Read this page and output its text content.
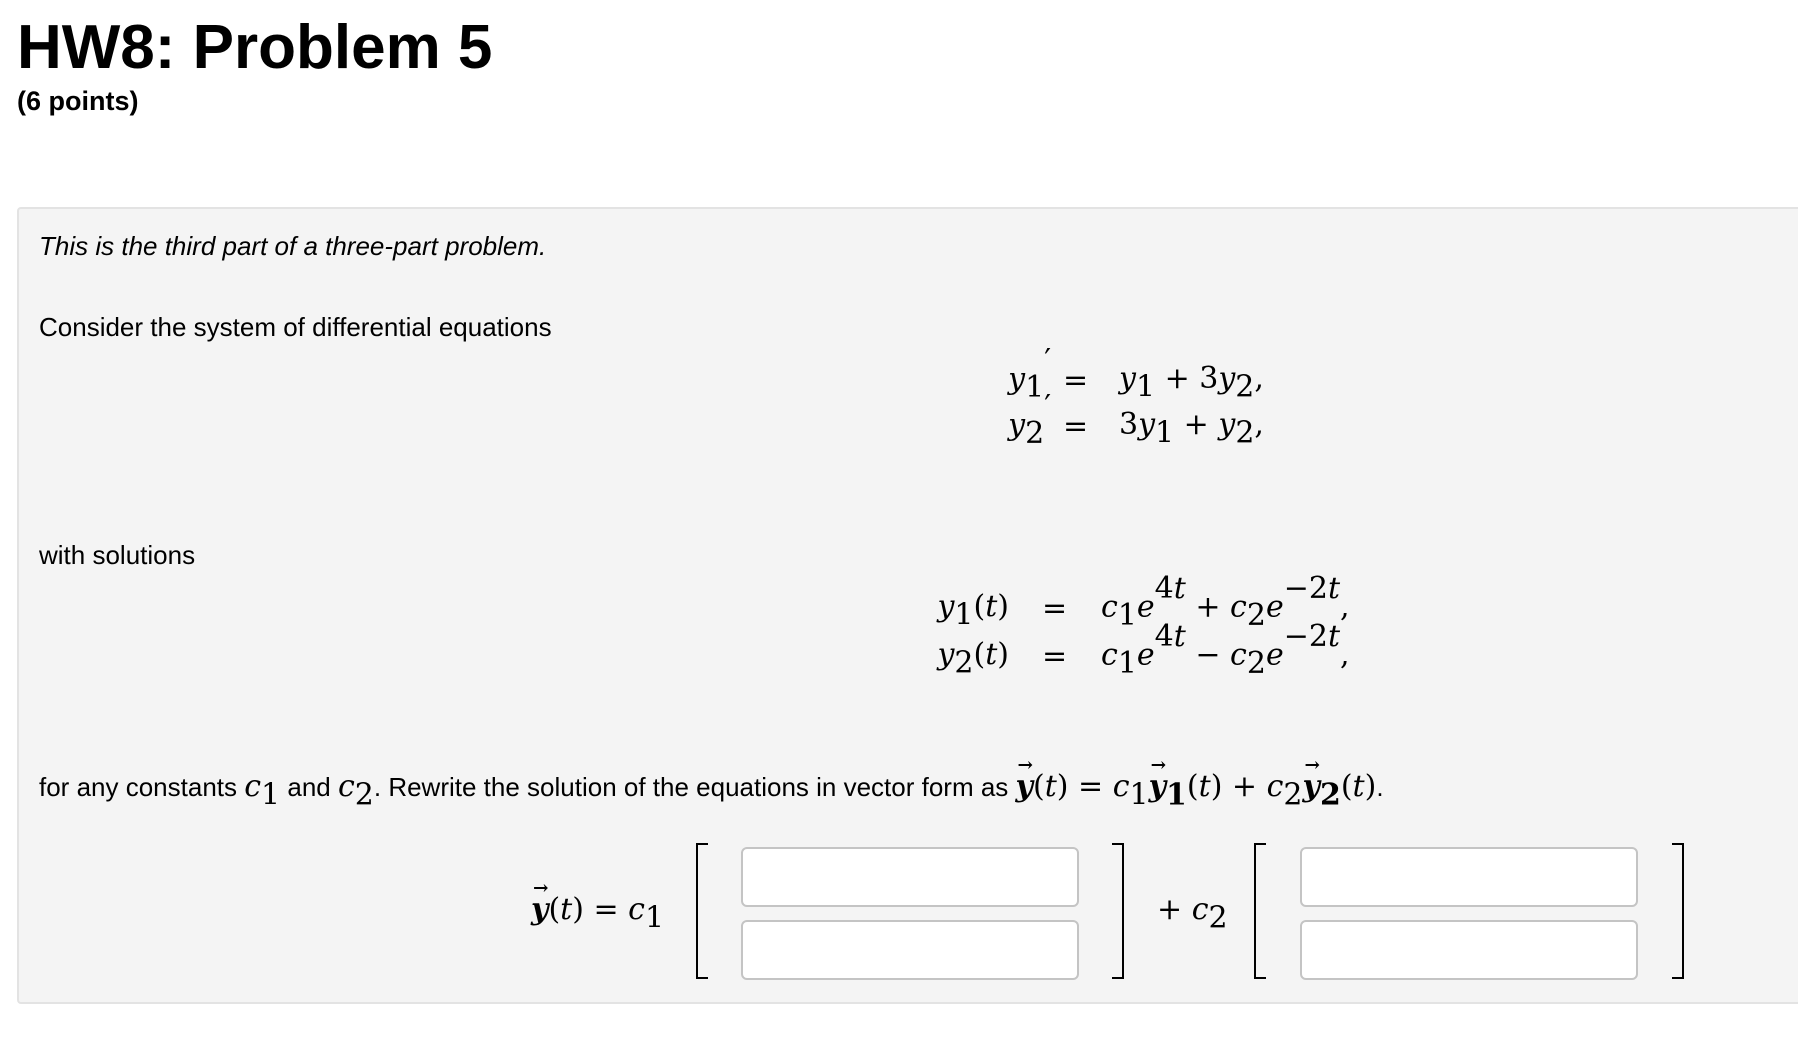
HW8: Problem 5
(6 points)
This is the third part of a three-part problem.
Consider the system of differential equations
$y_1'$
= $y_1 + 3y_2$,
$y_2'$
= $3y_1 + y_2$,
with solutions
$y_1(t) = c_1e^{4t} + c_2e^{-2t}$,
$y_2(t) = c_1e^{4t} - c_2e^{-2t}$,
for any constants $c_1$ and $c_2$. Rewrite the solution of the equations in vector form as → $y(t) = c_1\to y_1(t) + c_2\to y_2(t)$.
→ $y(t) = c_1$	+ $c_2$
